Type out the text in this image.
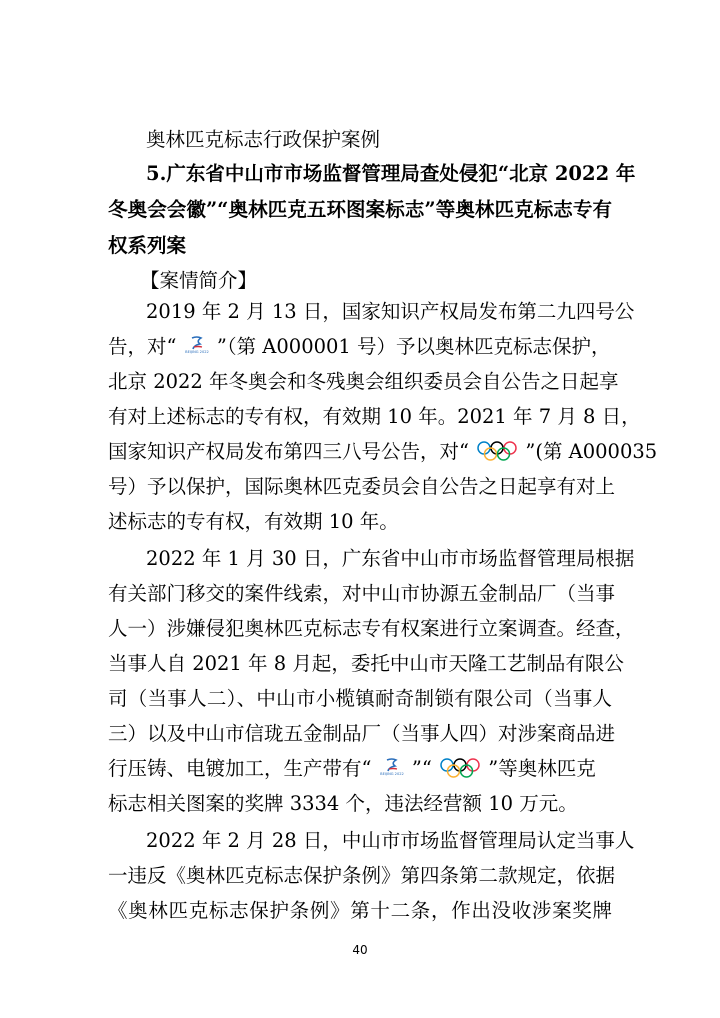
奥林匹克标志行政保护案例
5.广东省中山市市场监督管理局查处侵犯“北京 2022 年
冬奥会会徽”“奥林匹克五环图案标志”等奥林匹克标志专有
权系列案
【案情简介】
2019 年 2 月 13 日，国家知识产权局发布第二九四号公
告，对“ BEIJING 2022 ”（第 A000001 号）予以奥林匹克标志保护，
北京 2022 年冬奥会和冬残奥会组织委员会自公告之日起享
有对上述标志的专有权，有效期 10 年。2021 年 7 月 8 日，
国家知识产权局发布第四三八号公告，对“	”(第 A000035
号）予以保护，国际奥林匹克委员会自公告之日起享有对上
述标志的专有权，有效期 10 年。
2022 年 1 月 30 日，广东省中山市市场监督管理局根据
有关部门移交的案件线索，对中山市协源五金制品厂（当事
人一）涉嫌侵犯奥林匹克标志专有权案进行立案调查。经查，
当事人自 2021 年 8 月起，委托中山市天隆工艺制品有限公
司（当事人二）、中山市小榄镇耐奇制锁有限公司（当事人
三）以及中山市信珑五金制品厂（当事人四）对涉案商品进
行压铸、电镀加工，生产带有“ BEIJING 2022 ”“	”等奥林匹克
标志相关图案的奖牌 3334 个，违法经营额 10 万元。
2022 年 2 月 28 日，中山市市场监督管理局认定当事人
一违反《奥林匹克标志保护条例》第四条第二款规定，依据
《奥林匹克标志保护条例》第十二条，作出没收涉案奖牌
40
